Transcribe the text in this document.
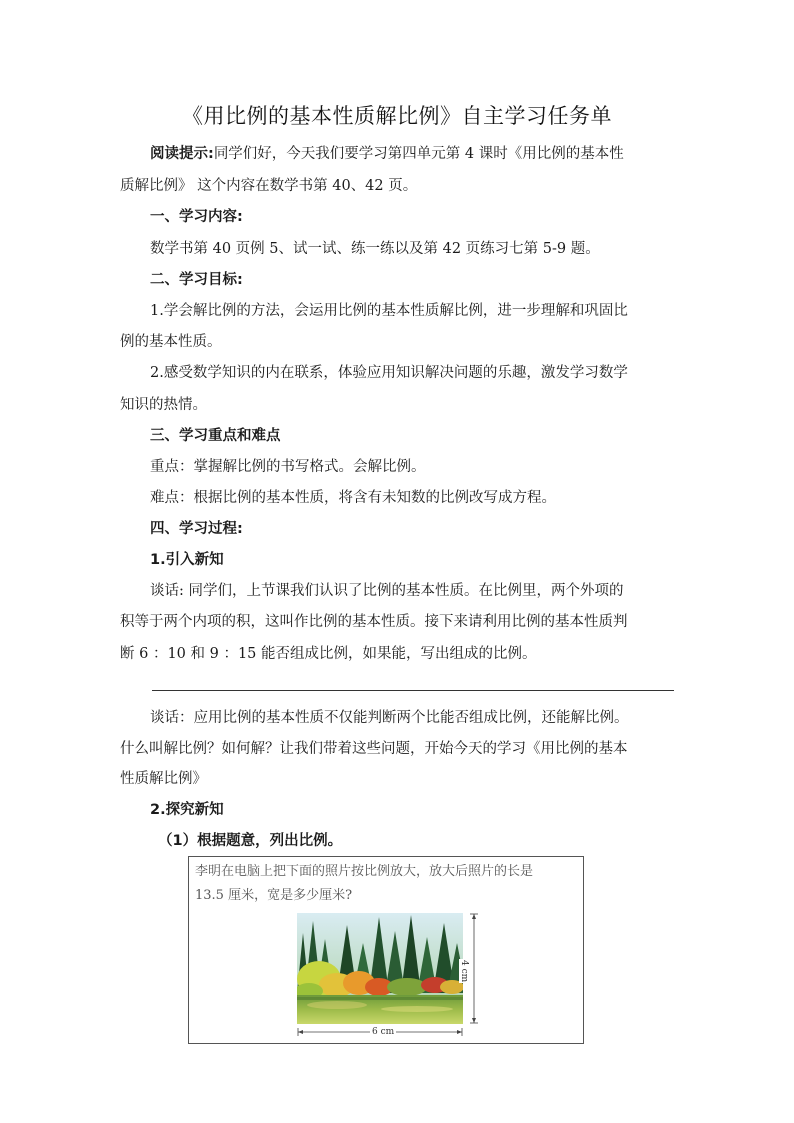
《用比例的基本性质解比例》自主学习任务单
阅读提示:同学们好，今天我们要学习第四单元第 4 课时《用比例的基本性
质解比例》 这个内容在数学书第 40、42 页。
一、学习内容:
数学书第 40 页例 5、试一试、练一练以及第 42 页练习七第 5-9 题。
二、学习目标:
1.学会解比例的方法，会运用比例的基本性质解比例，进一步理解和巩固比
例的基本性质。
2.感受数学知识的内在联系，体验应用知识解决问题的乐趣，激发学习数学
知识的热情。
三、学习重点和难点
重点：掌握解比例的书写格式。会解比例。
难点：根据比例的基本性质，将含有未知数的比例改写成方程。
四、学习过程:
1.引入新知
谈话: 同学们，上节课我们认识了比例的基本性质。在比例里，两个外项的
积等于两个内项的积，这叫作比例的基本性质。接下来请利用比例的基本性质判
断 6 ：10 和 9 ：15 能否组成比例，如果能，写出组成的比例。
谈话：应用比例的基本性质不仅能判断两个比能否组成比例，还能解比例。
什么叫解比例？如何解？让我们带着这些问题，开始今天的学习《用比例的基本
性质解比例》
2.探究新知
（1）根据题意，列出比例。
李明在电脑上把下面的照片按比例放大，放大后照片的长是
13.5 厘米，宽是多少厘米?
4 cm
6 cm
